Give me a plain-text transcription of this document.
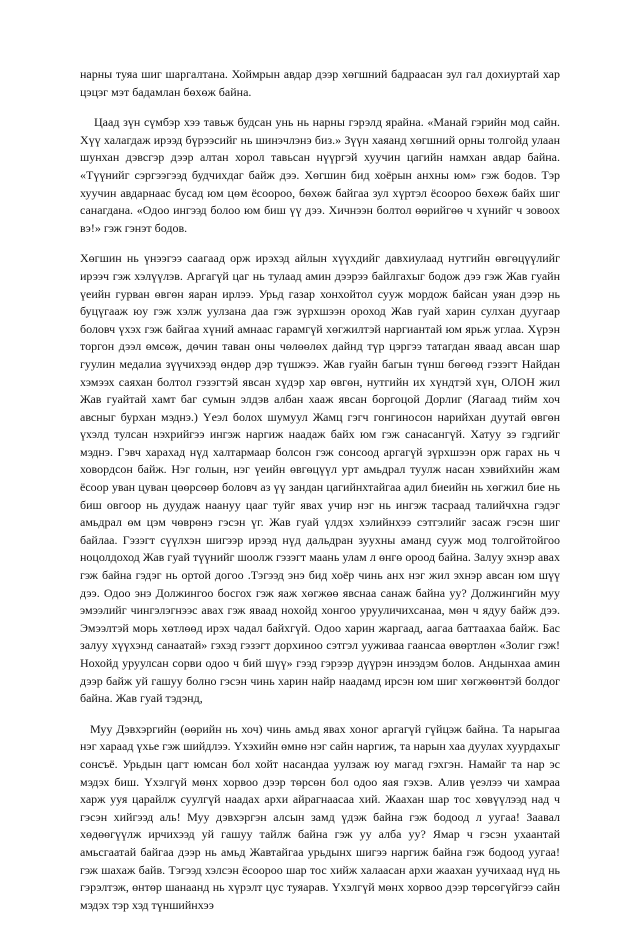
нарны туяа шиг шаргалтана. Хоймрын авдар дээр хөгшний бадраасан зул гал дохиуртай хар цэцэг мэт бадамлан бөхөж байна.

Цаад зүн сүмбэр хээ тавьж будсан унь нь нарны гэрэлд ярайна. «Манай гэрийн мод сайн. Хүү халагдаж ирээд бүрээсийг нь шинэчлэнэ биз.» Зүүн хаяанд хөгшний орны толгойд улаан шунхан дэвсгэр дээр алтан хорол тавьсан нүүргэй хуучин цагийн намхан авдар байна. «Түүнийг сэргээгээд будчихдаг байж дээ. Хөгшин бид хоёрын анхны юм» гэж бодов. Тэр хуучин авдарнаас бусад юм цөм ёсоороо, бөхөж байгаа зул хүртэл ёсоороо бөхөж байх шиг санагдана. «Одоо ингээд болоо юм биш үү дээ. Хичнээн болтол өөрийгөө ч хүнийг ч зовоох вэ!» гэж гэнэт бодов.

Хөгшин нь үнээгээ саагаад орж ирэхэд айлын хүүхдийг давхиулаад нутгийн өвгөцүүлийг ирээч гэж хэлүүлэв. Аргагүй цаг нь тулаад амин дээрээ байлгахыг бодож дээ гэж Жав гуайн үеийн гурван өвгөн яаран ирлээ. Урьд газар хонхойтол сууж мордож байсан уяан дээр нь буцүгааж юу гэж хэлж уулзана даа гэж зүрхшээн ороход Жав гуай харин сулхан дуугаар боловч үхэх гэж байгаа хүний амнаас гарамгүй хөгжилтэй наргиантай юм ярьж углаа. Хүрэн торгон дээл өмсөж, дөчин таван оны чөлөөлөх дайнд түр цэргээ татагдан яваад авсан шар гуулин медалиа зүүчихээд өндөр дэр түшжээ. Жав гуайн багын түнш бөгөөд гэзэгт Найдан хэмээх саяхан болтол гэзэгтэй явсан хүдэр хар өвгөн, нутгийн их хүндтэй хүн, ОЛОН жил Жав гуайтай хамт баг сумын элдэв албан хааж явсан боргоцой Дорлиг (Яагаад тийм хоч авсныг бурхан мэднэ.) Үеэл болох шумуул Жамц гэгч гонгиносон нарийхан дуутай өвгөн үхэлд тулсан нэхрийгээ ингэж наргиж наадаж байх юм гэж санасангүй. Хатуу зэ гэдгийг мэднэ. Гэвч харахад нүд халтармаар болсон гэж сонсоод аргагүй зүрхшээн орж гарах нь ч ховордсон байж. Нэг голын, нэг үеийн өвгөцүүл урт амьдрал туулж насан хэвийхийн жам ёсоор уван цуван цөөрсөөр боловч аз үү зандан цагийнхтайгаа адил биеийн нь хөгжил бие нь биш овгоор нь дуудаж наануу цааг туйг явах учир нэг нь ингэж тасраад талийчхна гэдэг амьдрал өм цэм чөврөнэ гэсэн үг. Жав гуай үлдэх хэлийнхээ сэтгэлийг засаж гэсэн шиг байлаа. Гэзэгт сүүлхэн шигээр ирээд нүд дальдран зуухны аманд сууж мод толгойтойгоо ноцолдоход Жав гуай түүнийг шоолж гэзэгт маань улам л өнгө ороод байна. Залуу эхнэр авах гэж байна гэдэг нь ортой догоо .Тэгээд энэ бид хоёр чинь анх нэг жил эхнэр авсан юм шүү дээ. Одоо энэ Должингоо босгох гэж яаж хөгжөө явснаа санаж байна уу? Должингийн муу эмээлийг чингэлэгнээс авах гэж яваад нохойд хонгоо урууличихсанаа, мөн ч ядуу байж дээ. Эмээлтэй морь хөтлөөд ирэх чадал байхгүй. Одоо харин жаргаад, аагаа баттаахаа байж. Бас залуу хүүхэнд санаатай» гэхэд гэзэгт дорхиноо сэтгэл ууживаа гаансаа өвөртлөн «Золиг гэж! Нохойд уруулсан сорви одоо ч бий шүү» гээд гэрээр дүүрэн инээдэм болов. Андынхаа амин дээр байж уй гашуу болно гэсэн чинь харин найр наадамд ирсэн юм шиг хөгжөөнтэй болдог байна. Жав гуай тэдэнд,

Муу Дэвхэргийн (өөрийн нь хоч) чинь амьд явах хоног аргагүй гүйцэж байна. Та нарыгаа нэг хараад үхье гэж шийдлээ. Үхэхийн өмнө нэг сайн наргиж, та нарын хаа дуулах хуурдахыг сонсъё. Урьдын цагт юмсан бол хойт насандаа уулзаж юу магад гэхгэн. Намайг та нар эс мэдэх биш. Үхэлгүй мөнх хорвоо дээр төрсөн бол одоо яая гэхэв. Алив үеэлээ чи хамраа харж ууя царайлж суулгүй наадах архи айрагнаасаа хий. Жаахан шар тос хөвүүлээд над ч гэсэн хийгээд аль! Муу дэвхэргэн алсын замд үдэж байна гэж бодоод л уугаа! Заавал хөдөөгүүлж ирчихээд уй гашуу тайлж байна гэж уу алба уу? Ямар ч гэсэн ухаантай амьсгаатай байгаа дээр нь амьд Жавтайгаа урьдынх шигээ наргиж байна гэж бодоод уугаа! гэж шахаж байв. Тэгээд хэлсэн ёсоороо шар тос хийж халаасан архи жаахан уучихаад нүд нь гэрэлтэж, өнтөр шанаанд нь хүрэлт цус туяарав. Үхэлгүй мөнх хорвоо дээр төрсөгүйгээ сайн мэдэх тэр хэд түншийнхээ
